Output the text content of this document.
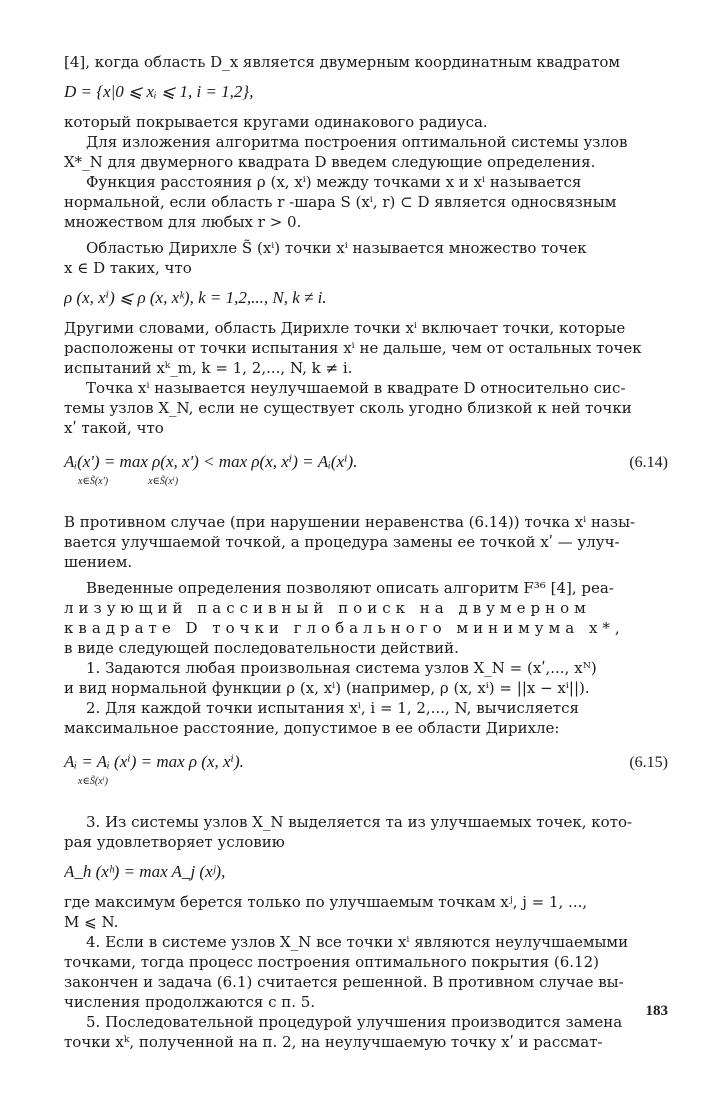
[4], когда область D_x является двумерным координатным квадратом
D = {x|0 ⩽ xᵢ ⩽ 1, i = 1,2},
который покрывается кругами одинакового радиуса.
Для изложения алгоритма построения оптимальной системы узлов
X*_N для двумерного квадрата D введем следующие определения.
Функция расстояния ρ (x, xⁱ) между точками x и xⁱ называется
нормальной, если область r -шара S (xⁱ, r) ⊂ D является односвязным
множеством для любых r > 0.
Областью Дирихле S̃ (xⁱ) точки xⁱ называется множество точек
x ∈ D таких, что
ρ (x, xⁱ) ⩽ ρ (x, xᵏ), k = 1,2,..., N, k ≠ i.
Другими словами, область Дирихле точки xⁱ включает точки, которые
расположены от точки испытания xⁱ не дальше, чем от остальных точек
испытаний xᵏ_m, k = 1, 2,..., N, k ≠ i.
Точка xⁱ называется неулучшаемой в квадрате D относительно сис-
темы узлов X_N, если не существует сколь угодно близкой к ней точки
xʹ такой, что
Aᵢ(xʹ) = max ρ(x, xʹ) < max ρ(x, xⁱ) = Aᵢ(xⁱ).
x∈S̃(xʹ)	x∈S̃(xⁱ)
(6.14)
В противном случае (при нарушении неравенства (6.14)) точка xⁱ назы-
вается улучшаемой точкой, а процедура замены ее точкой xʹ — улуч-
шением.
Введенные определения позволяют описать алгоритм F³⁶ [4], реа-
лизующий пассивный поиск на двумерном
квадрате D точки глобального минимума x*,
в виде следующей последовательности действий.
1. Задаются любая произвольная система узлов X_N = (xʹ,..., xᴺ)
и вид нормальной функции ρ (x, xⁱ) (например, ρ (x, xⁱ) = ||x − xⁱ||).
2. Для каждой точки испытания xⁱ, i = 1, 2,..., N, вычисляется
максимальное расстояние, допустимое в ее области Дирихле:
Aᵢ = Aᵢ (xⁱ) = max ρ (x, xⁱ).
x∈S̃(xⁱ)
(6.15)
3. Из системы узлов X_N выделяется та из улучшаемых точек, кото-
рая удовлетворяет условию
A_h (xʰ) = max A_j (xʲ),
где максимум берется только по улучшаемым точкам xʲ, j = 1, ...,
M ⩽ N.
4. Если в системе узлов X_N все точки xⁱ являются неулучшаемыми
точками, тогда процесс построения оптимального покрытия (6.12)
закончен и задача (6.1) считается решенной. В противном случае вы-
числения продолжаются с п. 5.
5. Последовательной процедурой улучшения производится замена
точки xᵏ, полученной на п. 2, на неулучшаемую точку xʹ и рассмат-
183
